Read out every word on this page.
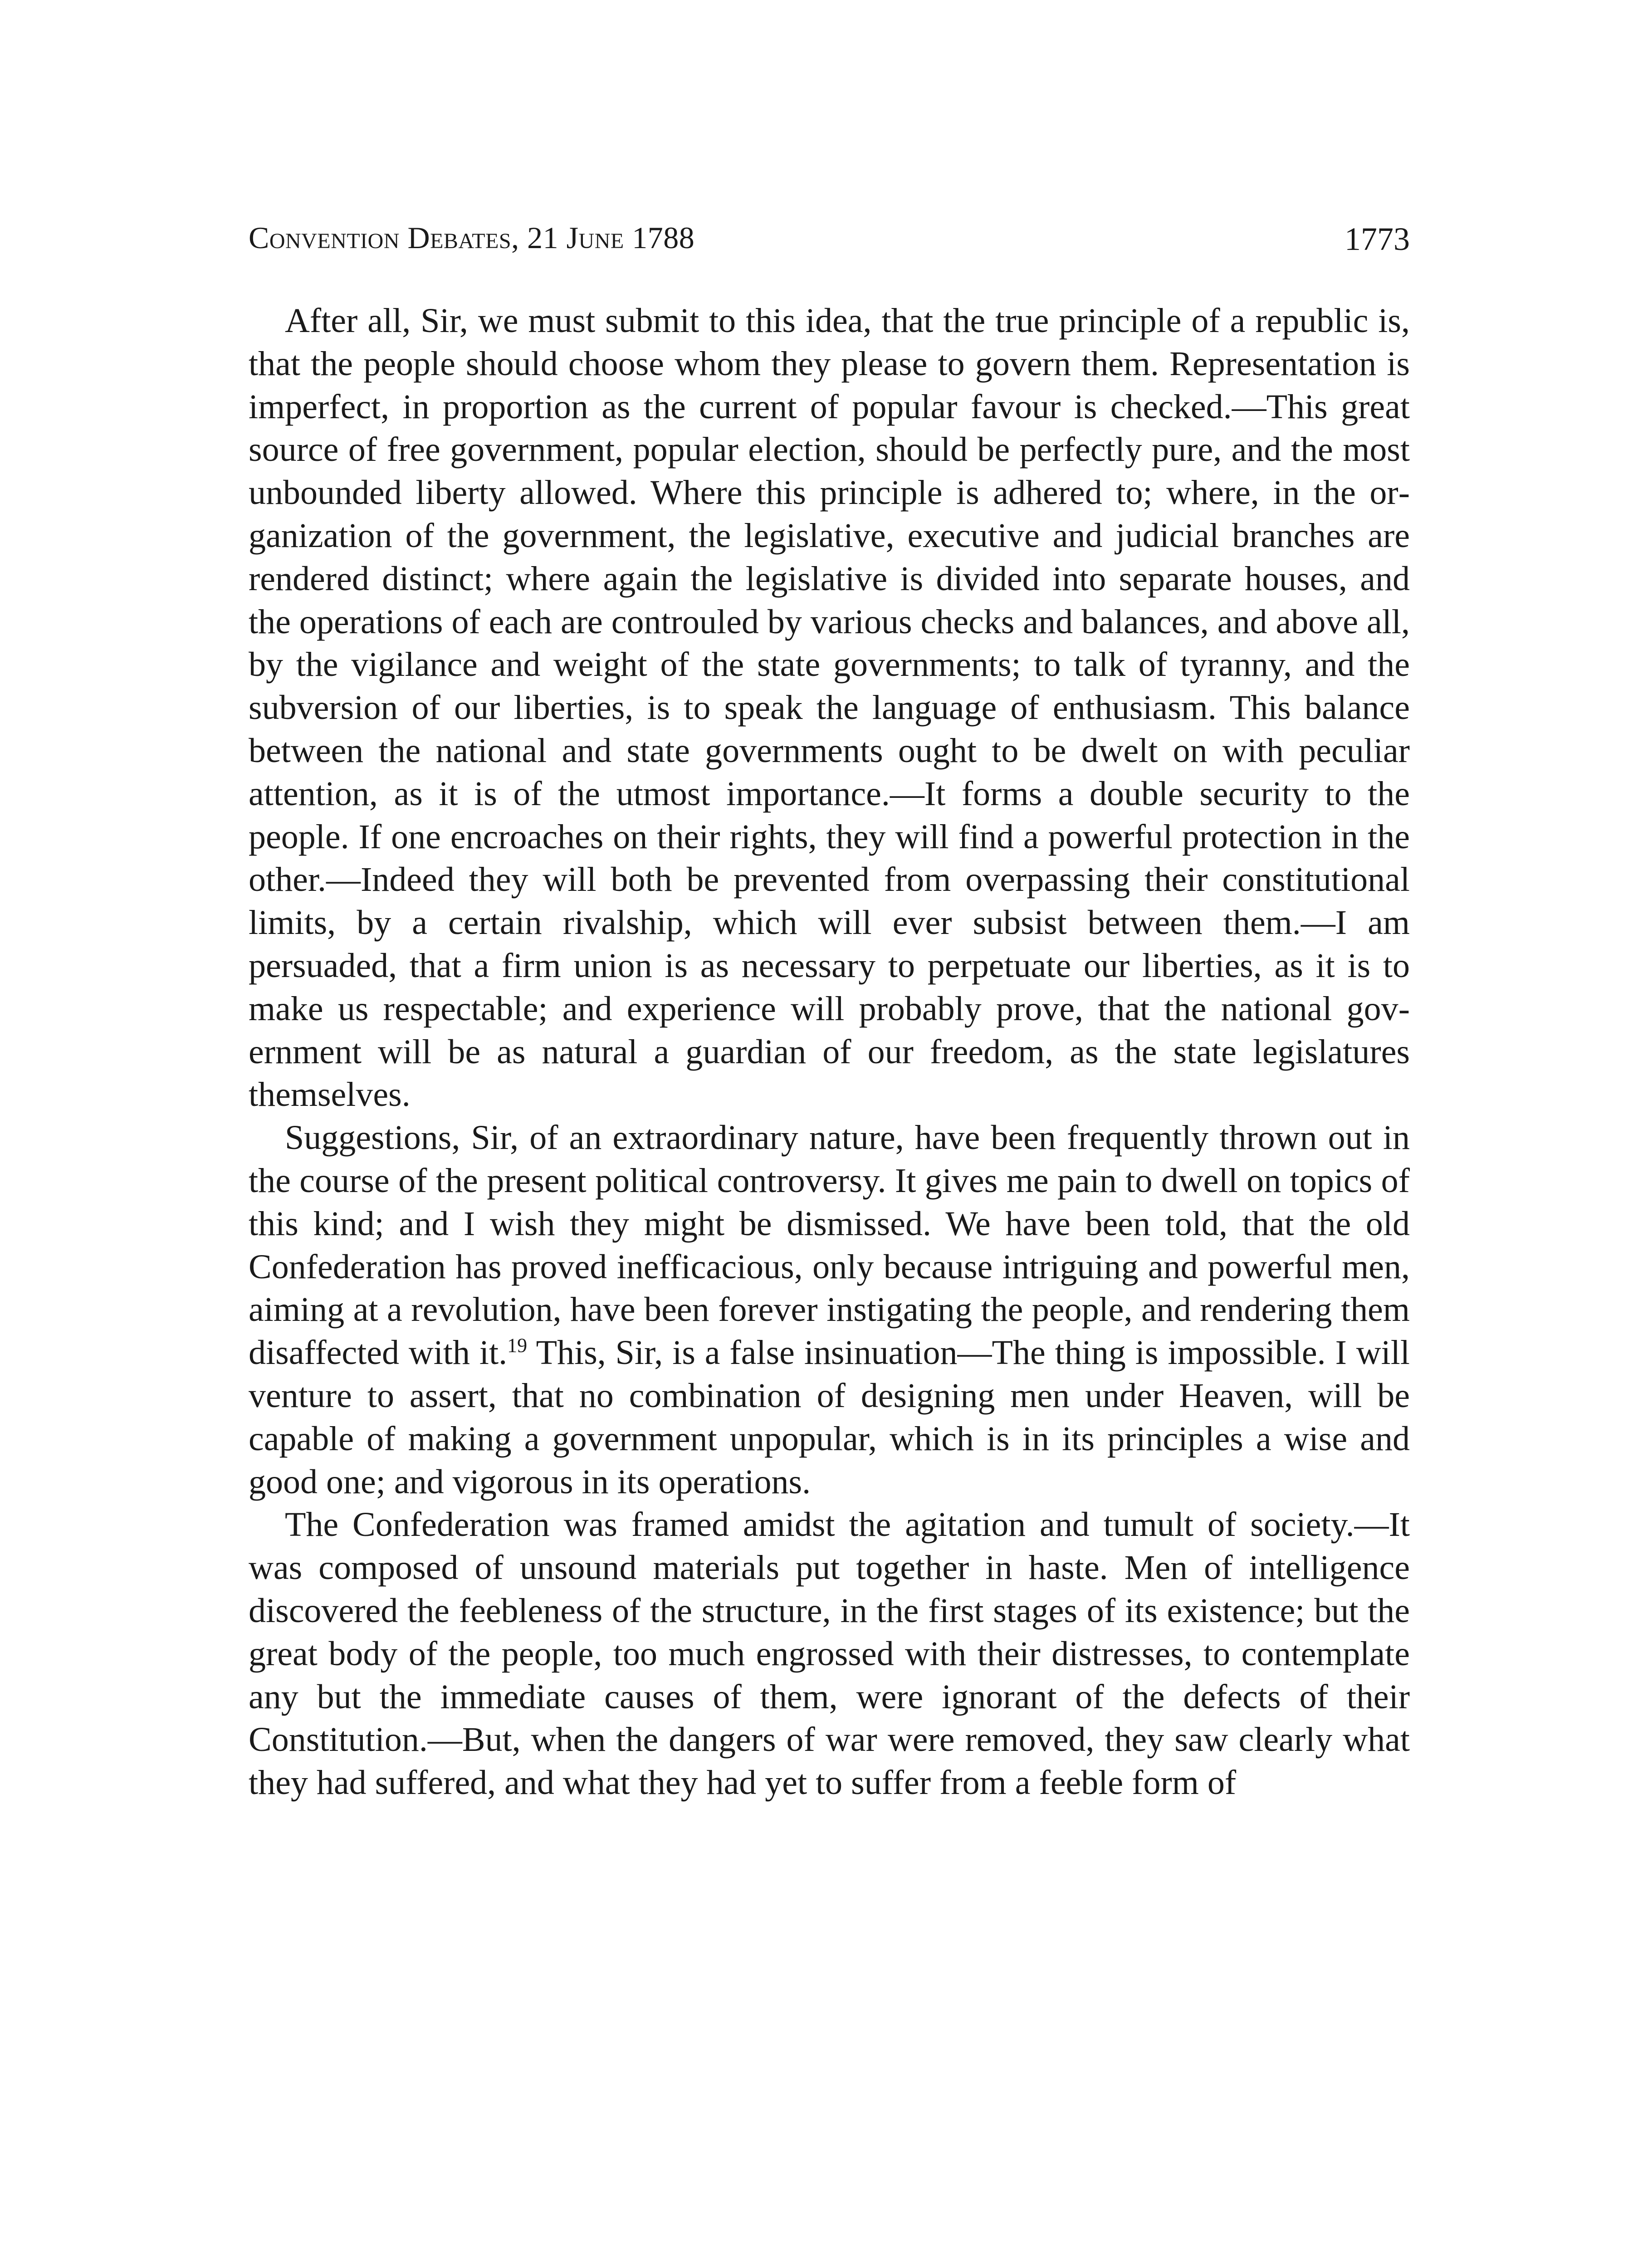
Convention Debates, 21 June 1788	1773

After all, Sir, we must submit to this idea, that the true principle of a republic is, that the people should choose whom they please to govern them. Representation is imperfect, in proportion as the current of popular favour is checked.—This great source of free government, popular election, should be perfectly pure, and the most unbounded liberty allowed. Where this principle is adhered to; where, in the organization of the government, the legislative, executive and judicial branches are rendered distinct; where again the legislative is divided into separate houses, and the operations of each are controuled by various checks and balances, and above all, by the vigilance and weight of the state governments; to talk of tyranny, and the subversion of our liberties, is to speak the language of enthusiasm. This balance between the national and state governments ought to be dwelt on with peculiar attention, as it is of the utmost importance.—It forms a double security to the people. If one encroaches on their rights, they will find a powerful protection in the other.—Indeed they will both be prevented from overpassing their constitutional limits, by a certain rivalship, which will ever subsist between them.—I am persuaded, that a firm union is as necessary to perpetuate our liberties, as it is to make us respectable; and experience will probably prove, that the national government will be as natural a guardian of our freedom, as the state legislatures themselves.

Suggestions, Sir, of an extraordinary nature, have been frequently thrown out in the course of the present political controversy. It gives me pain to dwell on topics of this kind; and I wish they might be dismissed. We have been told, that the old Confederation has proved inefficacious, only because intriguing and powerful men, aiming at a revolution, have been forever instigating the people, and rendering them disaffected with it.$^{19}$ This, Sir, is a false insinuation—The thing is impossible. I will venture to assert, that no combination of designing men under Heaven, will be capable of making a government unpopular, which is in its principles a wise and good one; and vigorous in its operations.

The Confederation was framed amidst the agitation and tumult of society.—It was composed of unsound materials put together in haste. Men of intelligence discovered the feebleness of the structure, in the first stages of its existence; but the great body of the people, too much engrossed with their distresses, to contemplate any but the immediate causes of them, were ignorant of the defects of their Constitution.—But, when the dangers of war were removed, they saw clearly what they had suffered, and what they had yet to suffer from a feeble form of
